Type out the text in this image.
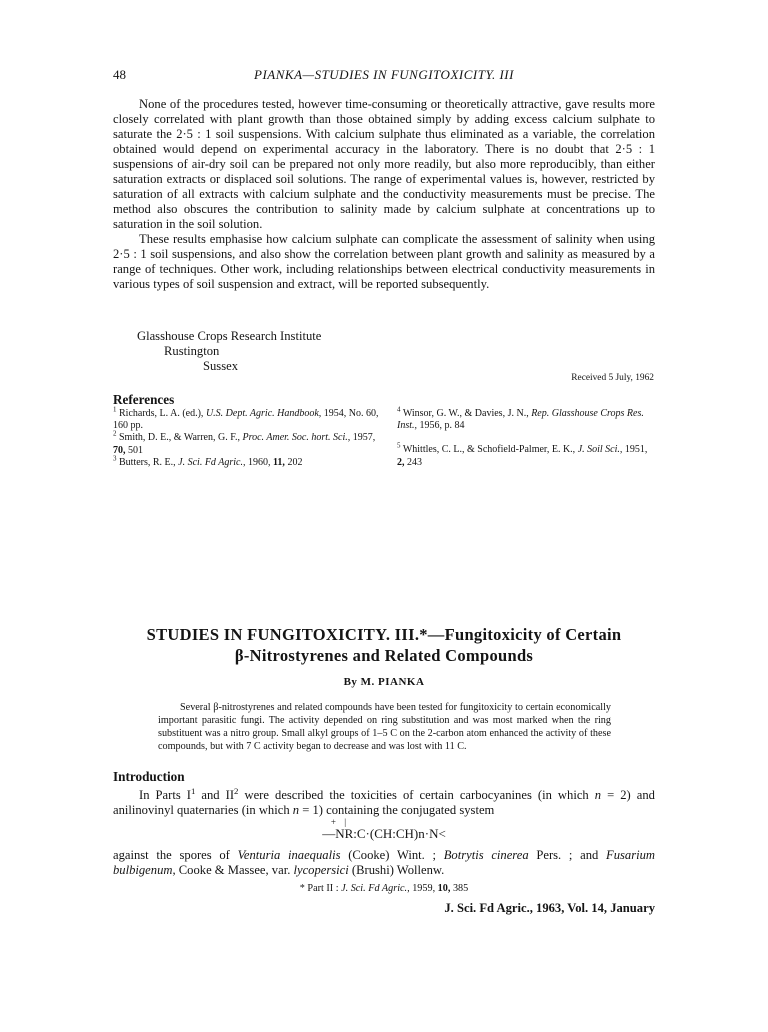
48	PIANKA—STUDIES IN FUNGITOXICITY. III

None of the procedures tested, however time-consuming or theoretically attractive, gave results more closely correlated with plant growth than those obtained simply by adding excess calcium sulphate to saturate the 2·5 : 1 soil suspensions. With calcium sulphate thus eliminated as a variable, the correlation obtained would depend on experimental accuracy in the laboratory. There is no doubt that 2·5 : 1 suspensions of air-dry soil can be prepared not only more readily, but also more reproducibly, than either saturation extracts or displaced soil solutions. The range of experimental values is, however, restricted by saturation of all extracts with calcium sulphate and the conductivity measurements must be precise. The method also obscures the contribution to salinity made by calcium sulphate at concentrations up to saturation in the soil solution.

These results emphasise how calcium sulphate can complicate the assessment of salinity when using 2·5 : 1 soil suspensions, and also show the correlation between plant growth and salinity as measured by a range of techniques. Other work, including relationships between electrical conductivity measurements in various types of soil suspension and extract, will be reported subsequently.

Glasshouse Crops Research Institute
Rustington
Sussex
Received 5 July, 1962
References
$^1$ Richards, L. A. (ed.), U.S. Dept. Agric. Handbook, 1954, No. 60, 160 pp.
$^2$ Smith, D. E., & Warren, G. F., Proc. Amer. Soc. hort. Sci., 1957, 70, 501
$^3$ Butters, R. E., J. Sci. Fd Agric., 1960, 11, 202
$^4$ Winsor, G. W., & Davies, J. N., Rep. Glasshouse Crops Res. Inst., 1956, p. 84
$^5$ Whittles, C. L., & Schofield-Palmer, E. K., J. Soil Sci., 1951, 2, 243
STUDIES IN FUNGITOXICITY. III.*—Fungitoxicity of Certain
β-Nitrostyrenes and Related Compounds
By M. PIANKA
Several β-nitrostyrenes and related compounds have been tested for fungitoxicity to certain economically important parasitic fungi. The activity depended on ring substitution and was most marked when the ring substituent was a nitro group. Small alkyl groups of 1–5 C on the 2-carbon atom enhanced the activity of these compounds, but with 7 C activity began to decrease and was lost with 11 C.
Introduction

In Parts $I^1$ and $II^2$ were described the toxicities of certain carbocyanines (in which n = 2) and anilinovinyl quaternaries (in which n = 1) containing the conjugated system

+ |
—NR:C·(CH:CH)n·N<

against the spores of Venturia inaequalis (Cooke) Wint. ; Botrytis cinerea Pers. ; and Fusarium bulbigenum, Cooke & Massee, var. lycopersici (Brushi) Wollenw.

* Part II : J. Sci. Fd Agric., 1959, 10, 385
J. Sci. Fd Agric., 1963, Vol. 14, January
